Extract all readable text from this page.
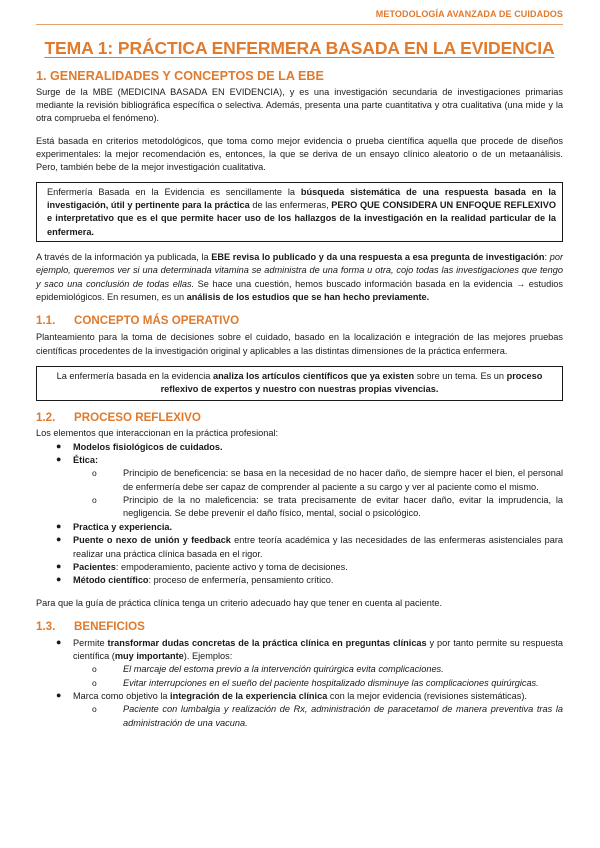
METODOLOGÍA AVANZADA DE CUIDADOS
TEMA 1: PRÁCTICA ENFERMERA BASADA EN LA EVIDENCIA
1. GENERALIDADES Y CONCEPTOS DE LA EBE

Surge de la MBE (MEDICINA BASADA EN EVIDENCIA), y es una investigación secundaria de investigaciones primarias mediante la revisión bibliográfica específica o selectiva. Además, presenta una parte cuantitativa y otra cualitativa (una mide y la otra comprueba el fenómeno).

Está basada en criterios metodológicos, que toma como mejor evidencia o prueba científica aquella que procede de diseños experimentales: la mejor recomendación es, entonces, la que se deriva de un ensayo clínico aleatorio o de un metaanálisis. Pero, también bebe de la mejor investigación cualitativa.

Enfermería Basada en la Evidencia es sencillamente la búsqueda sistemática de una respuesta basada en la investigación, útil y pertinente para la práctica de las enfermeras, PERO QUE CONSIDERA UN ENFOQUE REFLEXIVO e interpretativo que es el que permite hacer uso de los hallazgos de la investigación en la realidad particular de la enfermera.

A través de la información ya publicada, la EBE revisa lo publicado y da una respuesta a esa pregunta de investigación: por ejemplo, queremos ver si una determinada vitamina se administra de una forma u otra, cojo todas las investigaciones que tengo y saco una conclusión de todas ellas. Se hace una cuestión, hemos buscado información basada en la evidencia → estudios epidemiológicos. En resumen, es un análisis de los estudios que se han hecho previamente.

1.1. CONCEPTO MÁS OPERATIVO

Planteamiento para la toma de decisiones sobre el cuidado, basado en la localización e integración de las mejores pruebas científicas procedentes de la investigación original y aplicables a las distintas dimensiones de la práctica enfermera.

La enfermería basada en la evidencia analiza los artículos científicos que ya existen sobre un tema. Es un proceso reflexivo de expertos y nuestro con nuestras propias vivencias.

1.2. PROCESO REFLEXIVO

Los elementos que interaccionan en la práctica profesional:

● Modelos fisiológicos de cuidados.
● Ética:
o	Principio de beneficencia: se basa en la necesidad de no hacer daño, de siempre hacer el bien, el personal de enfermería debe ser capaz de comprender al paciente a su cargo y ver al paciente como el mismo.

o	Principio de la no maleficencia: se trata precisamente de evitar hacer daño, evitar la imprudencia, la negligencia. Se debe prevenir el daño físico, mental, social o psicológico.

● Practica y experiencia.
● Puente o nexo de unión y feedback entre teoría académica y las necesidades de las enfermeras asistenciales para realizar una práctica clínica basada en el rigor.

● Pacientes: empoderamiento, paciente activo y toma de decisiones.
● Método científico: proceso de enfermería, pensamiento crítico.

Para que la guía de práctica clínica tenga un criterio adecuado hay que tener en cuenta al paciente.

1.3. BENEFICIOS
● Permite transformar dudas concretas de la práctica clínica en preguntas clínicas y por tanto permite su respuesta científica (muy importante). Ejemplos:

o	El marcaje del estoma previo a la intervención quirúrgica evita complicaciones.
o	Evitar interrupciones en el sueño del paciente hospitalizado disminuye las complicaciones quirúrgicas.
● Marca como objetivo la integración de la experiencia clínica con la mejor evidencia (revisiones sistemáticas).

o	Paciente con lumbalgia y realización de Rx, administración de paracetamol de manera preventiva tras la administración de una vacuna.
